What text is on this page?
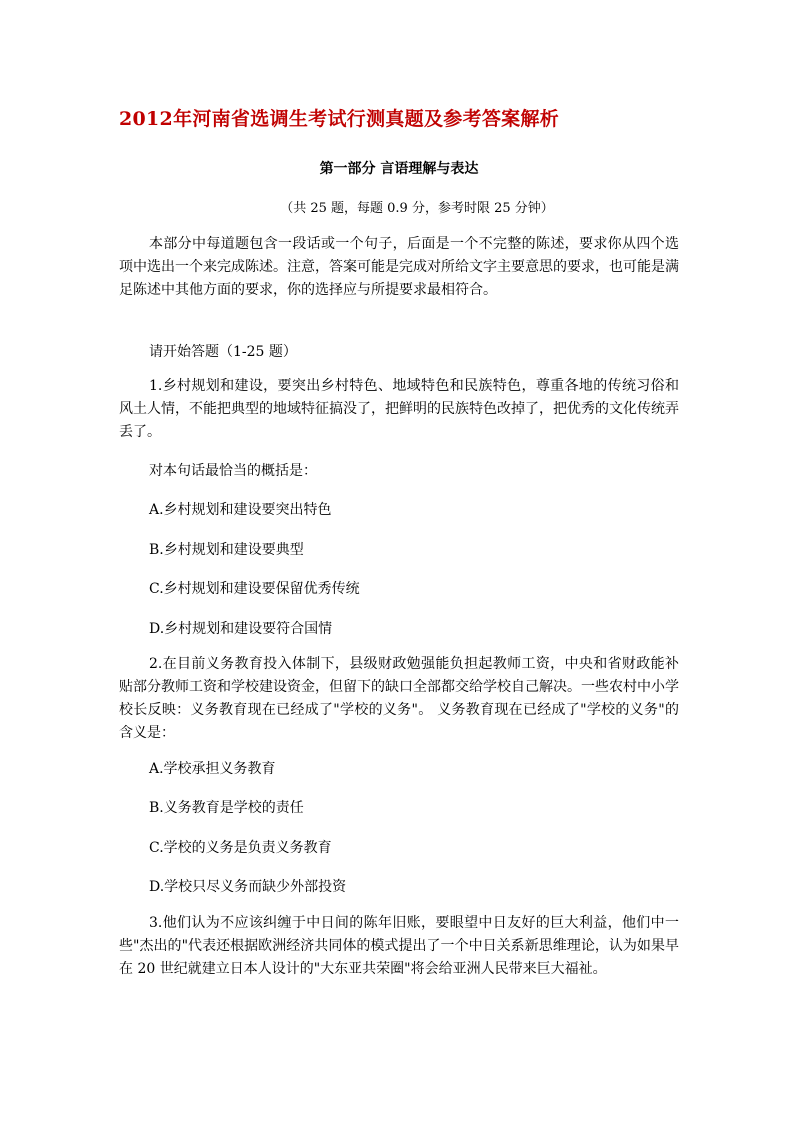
2012年河南省选调生考试行测真题及参考答案解析
第一部分 言语理解与表达
（共 25 题，每题 0.9 分，参考时限 25 分钟）

本部分中每道题包含一段话或一个句子，后面是一个不完整的陈述，要求你从四个选项中选出一个来完成陈述。注意，答案可能是完成对所给文字主要意思的要求，也可能是满足陈述中其他方面的要求，你的选择应与所提要求最相符合。

请开始答题（1-25 题）

1.乡村规划和建设，要突出乡村特色、地域特色和民族特色，尊重各地的传统习俗和风土人情，不能把典型的地域特征搞没了，把鲜明的民族特色改掉了，把优秀的文化传统弄丢了。

对本句话最恰当的概括是：
A.乡村规划和建设要突出特色
B.乡村规划和建设要典型
C.乡村规划和建设要保留优秀传统
D.乡村规划和建设要符合国情

2.在目前义务教育投入体制下，县级财政勉强能负担起教师工资，中央和省财政能补贴部分教师工资和学校建设资金，但留下的缺口全部都交给学校自己解决。一些农村中小学校长反映：义务教育现在已经成了"学校的义务"。 义务教育现在已经成了"学校的义务"的含义是：

A.学校承担义务教育
B.义务教育是学校的责任
C.学校的义务是负责义务教育
D.学校只尽义务而缺少外部投资

3.他们认为不应该纠缠于中日间的陈年旧账，要眼望中日友好的巨大利益，他们中一些"杰出的"代表还根据欧洲经济共同体的模式提出了一个中日关系新思维理论，认为如果早在 20 世纪就建立日本人设计的"大东亚共荣圈"将会给亚洲人民带来巨大福祉。
